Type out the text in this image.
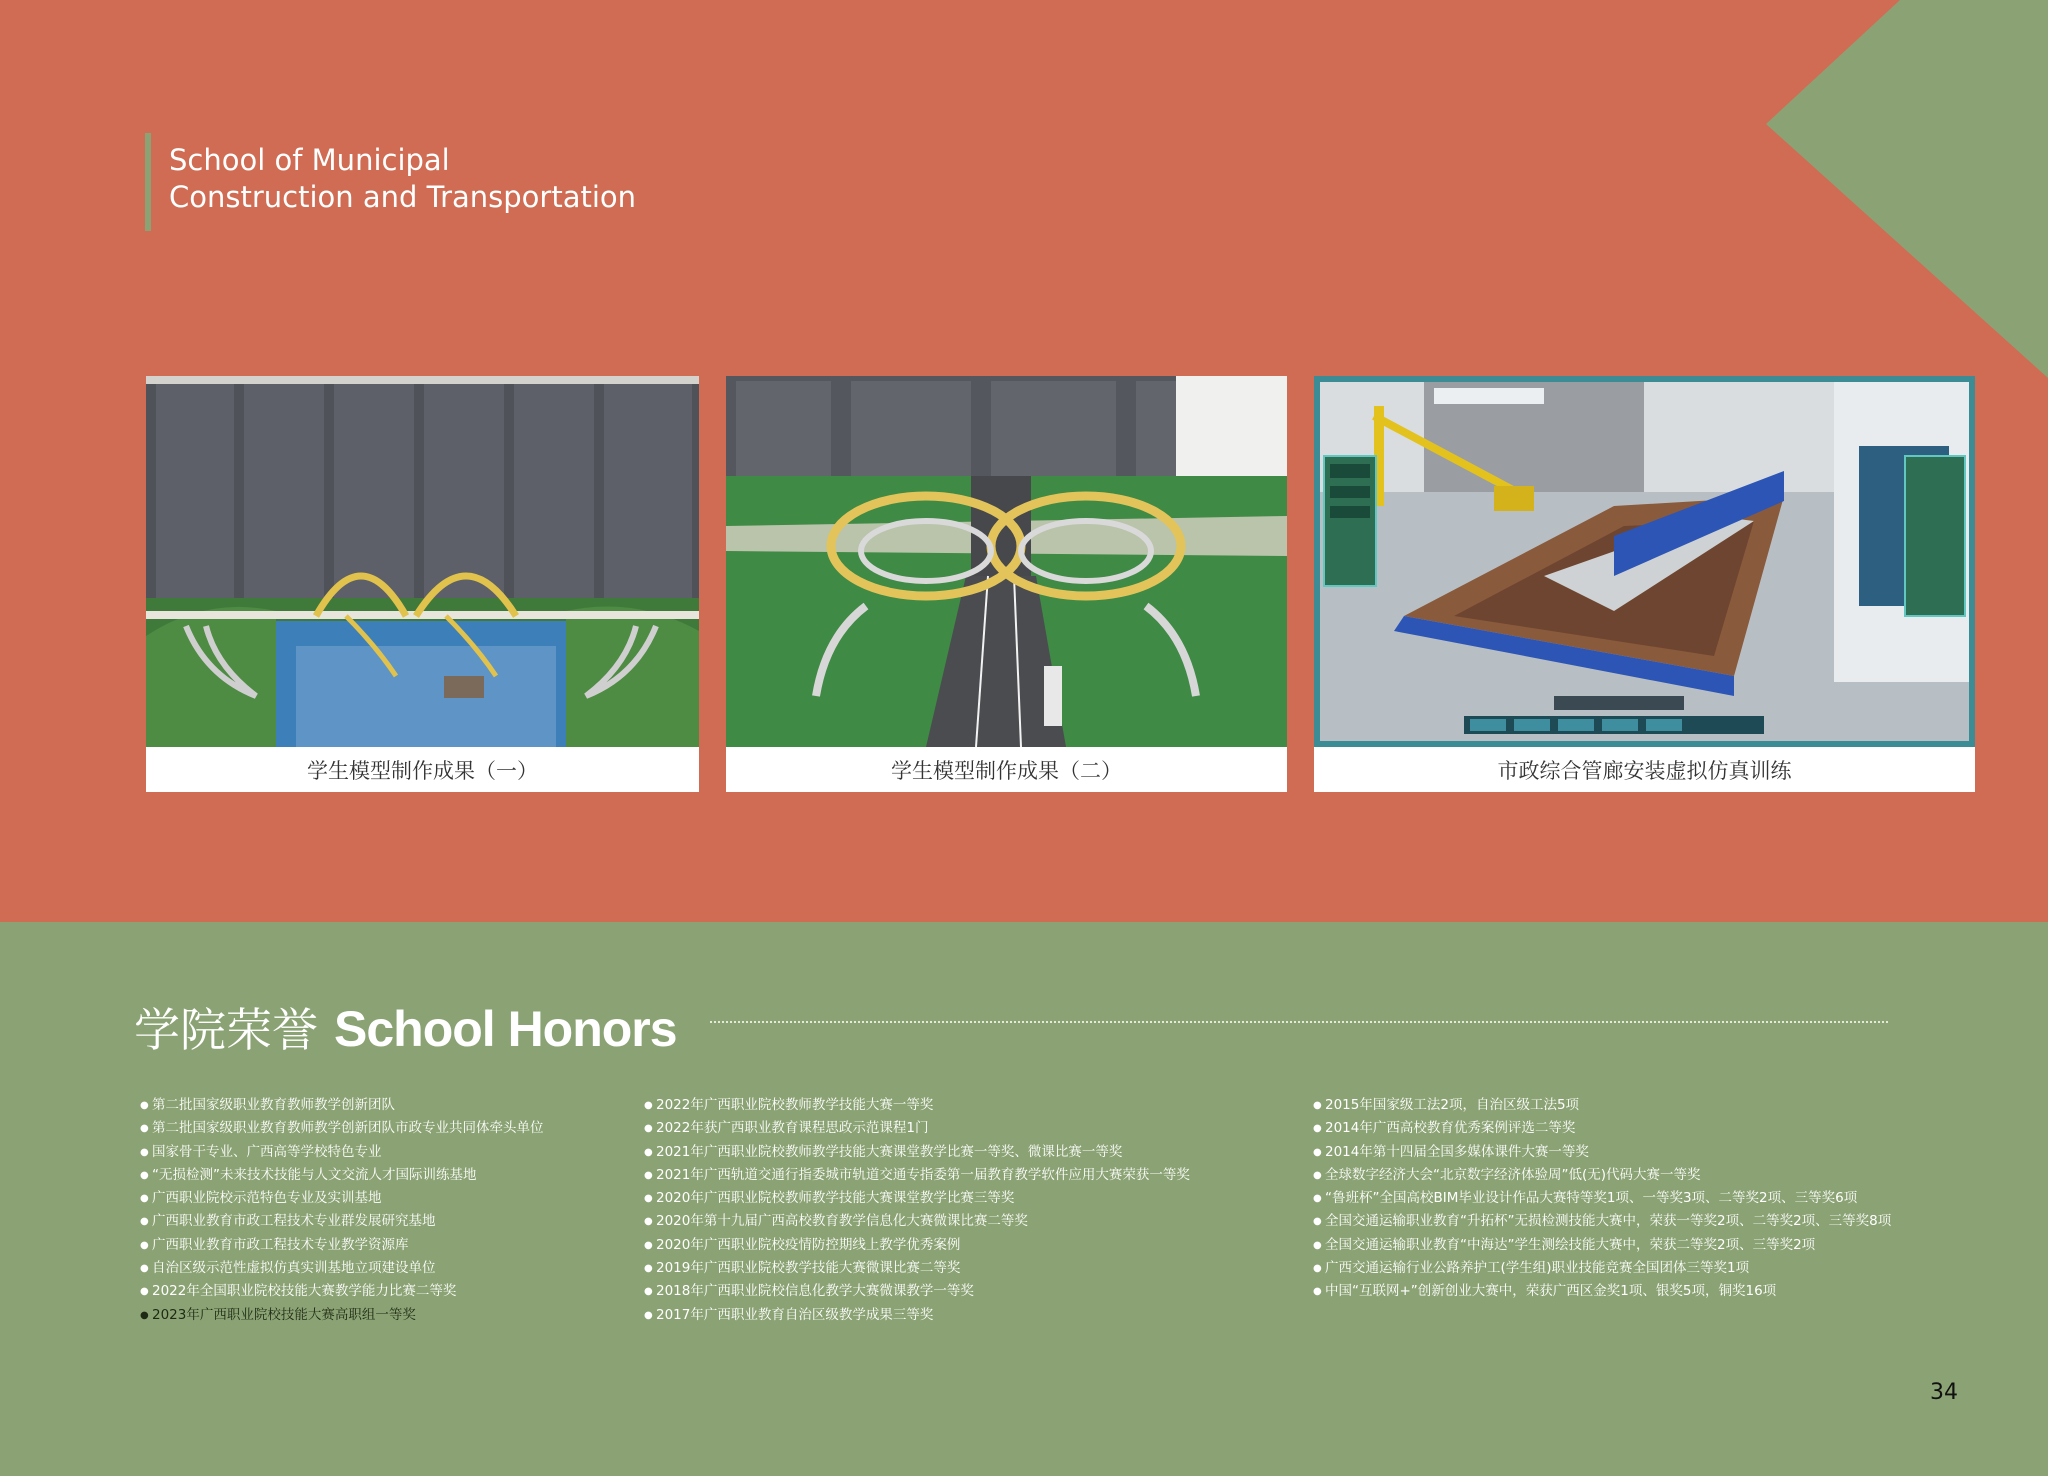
School of Municipal
Construction and Transportation
学生模型制作成果（一）	学生模型制作成果（二）	市政综合管廊安装虚拟仿真训练
学院荣誉 School Honors
● 第二批国家级职业教育教师教学创新团队
● 第二批国家级职业教育教师教学创新团队市政专业共同体牵头单位
● 国家骨干专业、广西高等学校特色专业
● “无损检测”未来技术技能与人文交流人才国际训练基地
● 广西职业院校示范特色专业及实训基地
● 广西职业教育市政工程技术专业群发展研究基地
● 广西职业教育市政工程技术专业教学资源库
● 自治区级示范性虚拟仿真实训基地立项建设单位
● 2022年全国职业院校技能大赛教学能力比赛二等奖
● 2023年广西职业院校技能大赛高职组一等奖
● 2022年广西职业院校教师教学技能大赛一等奖
● 2022年获广西职业教育课程思政示范课程1门
● 2021年广西职业院校教师教学技能大赛课堂教学比赛一等奖、微课比赛一等奖
● 2021年广西轨道交通行指委城市轨道交通专指委第一届教育教学软件应用大赛荣获一等奖
● 2020年广西职业院校教师教学技能大赛课堂教学比赛三等奖
● 2020年第十九届广西高校教育教学信息化大赛微课比赛二等奖
● 2020年广西职业院校疫情防控期线上教学优秀案例
● 2019年广西职业院校教学技能大赛微课比赛二等奖
● 2018年广西职业院校信息化教学大赛微课教学一等奖
● 2017年广西职业教育自治区级教学成果三等奖
● 2015年国家级工法2项，自治区级工法5项
● 2014年广西高校教育优秀案例评选二等奖
● 2014年第十四届全国多媒体课件大赛一等奖
● 全球数字经济大会“北京数字经济体验周”低(无)代码大赛一等奖
● “鲁班杯”全国高校BIM毕业设计作品大赛特等奖1项、一等奖3项、二等奖2项、三等奖6项
● 全国交通运输职业教育“升拓杯”无损检测技能大赛中，荣获一等奖2项、二等奖2项、三等奖8项
● 全国交通运输职业教育“中海达”学生测绘技能大赛中，荣获二等奖2项、三等奖2项
● 广西交通运输行业公路养护工(学生组)职业技能竞赛全国团体三等奖1项
● 中国“互联网+”创新创业大赛中，荣获广西区金奖1项、银奖5项，铜奖16项
34
